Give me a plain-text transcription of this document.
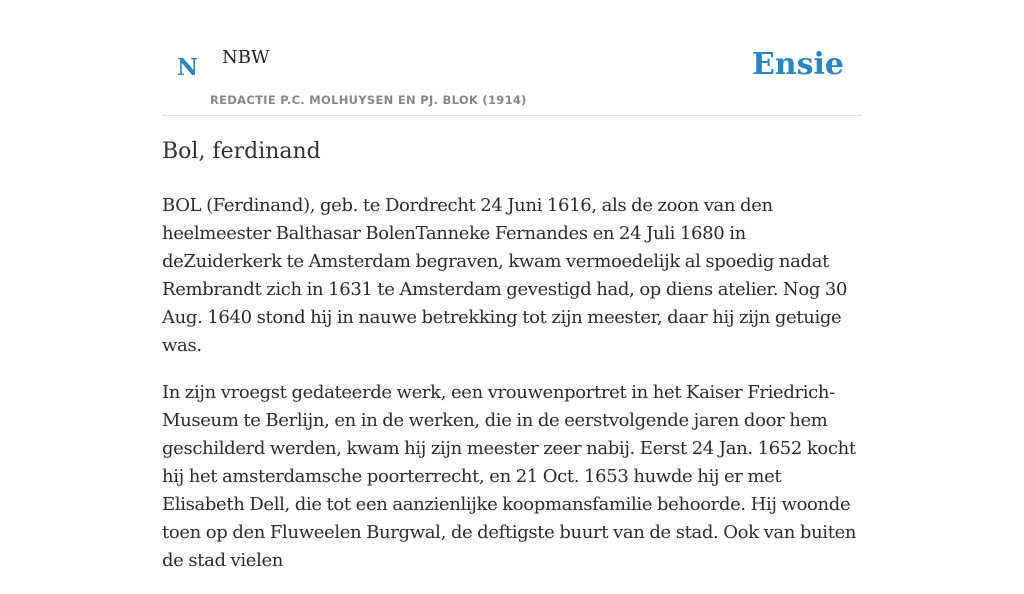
N NBW
REDACTIE P.C. MOLHUYSEN EN PJ. BLOK (1914)
Ensie
Bol, ferdinand

BOL (Ferdinand), geb. te Dordrecht 24 Juni 1616, als de zoon van den heelmeester Balthasar BolenTanneke Fernandes en 24 Juli 1680 in deZuiderkerk te Amsterdam begraven, kwam vermoedelijk al spoedig nadat Rembrandt zich in 1631 te Amsterdam gevestigd had, op diens atelier. Nog 30 Aug. 1640 stond hij in nauwe betrekking tot zijn meester, daar hij zijn getuige was.

In zijn vroegst gedateerde werk, een vrouwenportret in het Kaiser Friedrich-Museum te Berlijn, en in de werken, die in de eerstvolgende jaren door hem geschilderd werden, kwam hij zijn meester zeer nabij. Eerst 24 Jan. 1652 kocht hij het amsterdamsche poorterrecht, en 21 Oct. 1653 huwde hij er met Elisabeth Dell, die tot een aanzienlijke koopmansfamilie behoorde. Hij woonde toen op den Fluweelen Burgwal, de deftigste buurt van de stad. Ook van buiten de stad vielen
